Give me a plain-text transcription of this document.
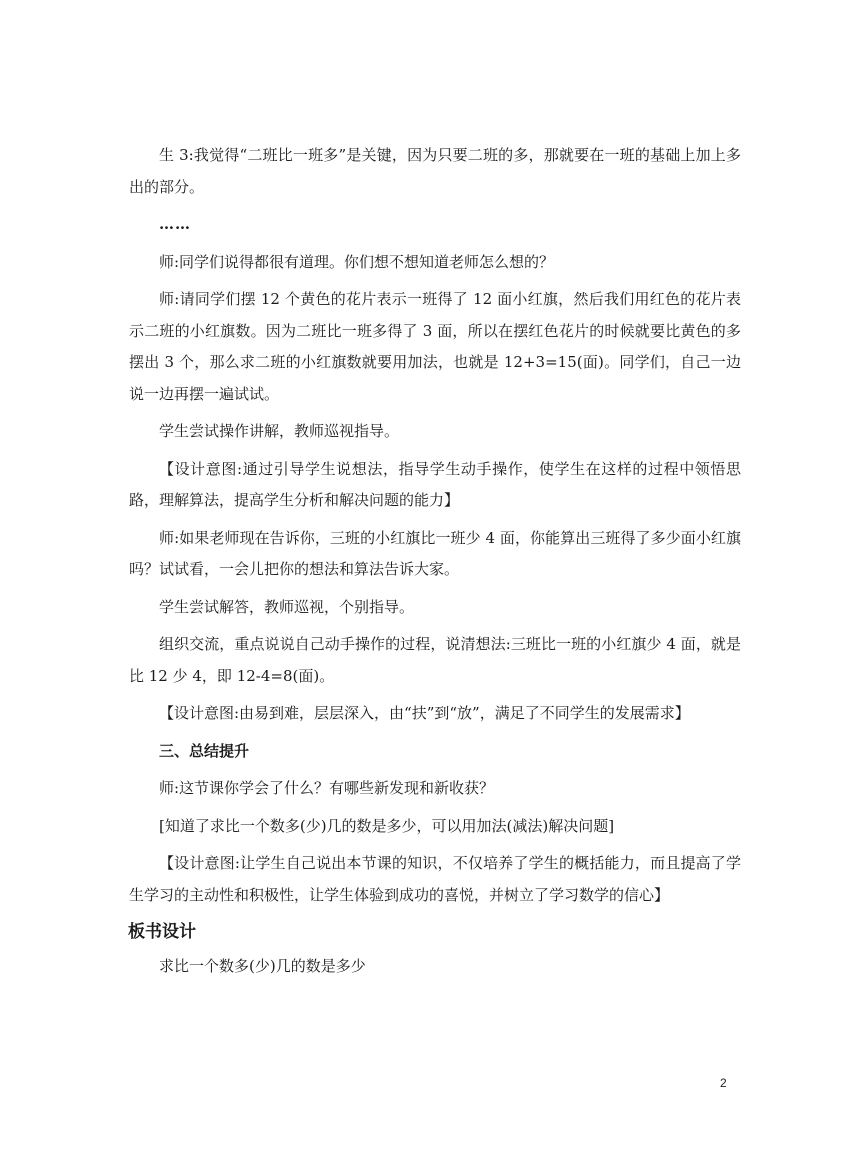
生 3:我觉得“二班比一班多”是关键，因为只要二班的多，那就要在一班的基础上加上多出的部分。

……

师:同学们说得都很有道理。你们想不想知道老师怎么想的？

师:请同学们摆 12 个黄色的花片表示一班得了 12 面小红旗，然后我们用红色的花片表示二班的小红旗数。因为二班比一班多得了 3 面，所以在摆红色花片的时候就要比黄色的多摆出 3 个，那么求二班的小红旗数就要用加法，也就是 12+3=15(面)。同学们，自己一边说一边再摆一遍试试。

学生尝试操作讲解，教师巡视指导。

【设计意图:通过引导学生说想法，指导学生动手操作，使学生在这样的过程中领悟思路，理解算法，提高学生分析和解决问题的能力】

师:如果老师现在告诉你，三班的小红旗比一班少 4 面，你能算出三班得了多少面小红旗吗？试试看，一会儿把你的想法和算法告诉大家。

学生尝试解答，教师巡视，个别指导。

组织交流，重点说说自己动手操作的过程，说清想法:三班比一班的小红旗少 4 面，就是比 12 少 4，即 12-4=8(面)。

【设计意图:由易到难，层层深入，由“扶”到“放”，满足了不同学生的发展需求】

三、总结提升

师:这节课你学会了什么？有哪些新发现和新收获？

[知道了求比一个数多(少)几的数是多少，可以用加法(减法)解决问题]

【设计意图:让学生自己说出本节课的知识，不仅培养了学生的概括能力，而且提高了学生学习的主动性和积极性，让学生体验到成功的喜悦，并树立了学习数学的信心】

板书设计

求比一个数多(少)几的数是多少

2
